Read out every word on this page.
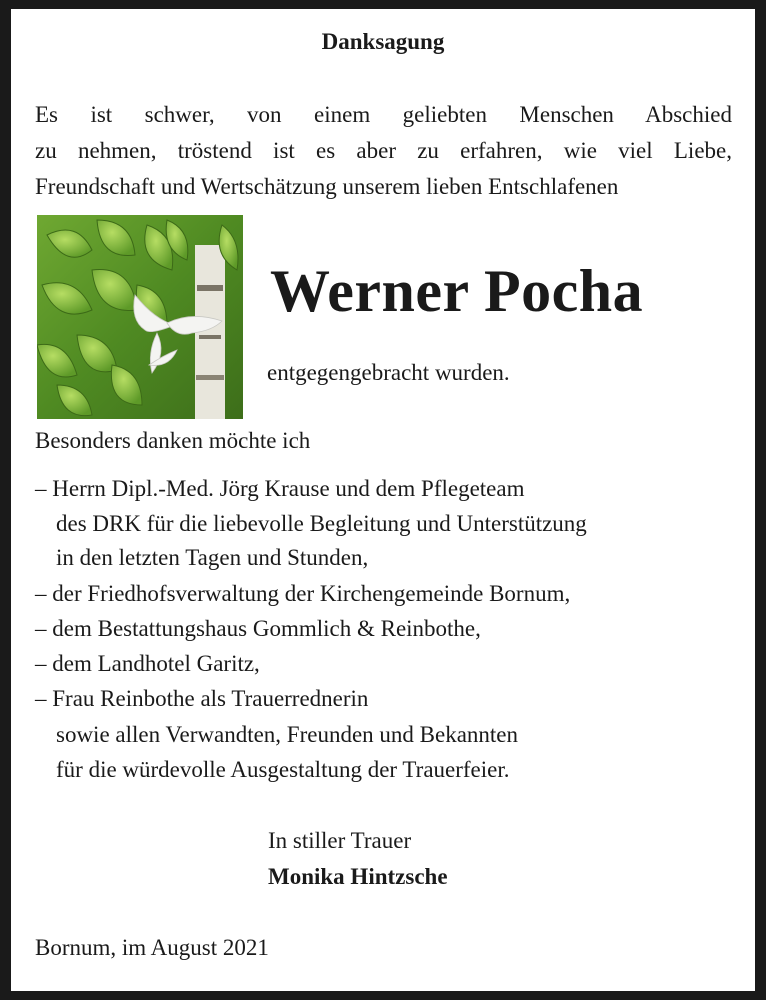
Danksagung
Es ist schwer, von einem geliebten Menschen Abschied
zu nehmen, tröstend ist es aber zu erfahren, wie viel Liebe,
Freundschaft und Wertschätzung unserem lieben Entschlafenen
Werner Pocha
entgegengebracht wurden.
Besonders danken möchte ich
– Herrn Dipl.-Med. Jörg Krause und dem Pflegeteam
des DRK für die liebevolle Begleitung und Unterstützung
in den letzten Tagen und Stunden,
– der Friedhofsverwaltung der Kirchengemeinde Bornum,
– dem Bestattungshaus Gommlich & Reinbothe,
– dem Landhotel Garitz,
– Frau Reinbothe als Trauerrednerin
sowie allen Verwandten, Freunden und Bekannten
für die würdevolle Ausgestaltung der Trauerfeier.
In stiller Trauer
Monika Hintzsche
Bornum, im August 2021
